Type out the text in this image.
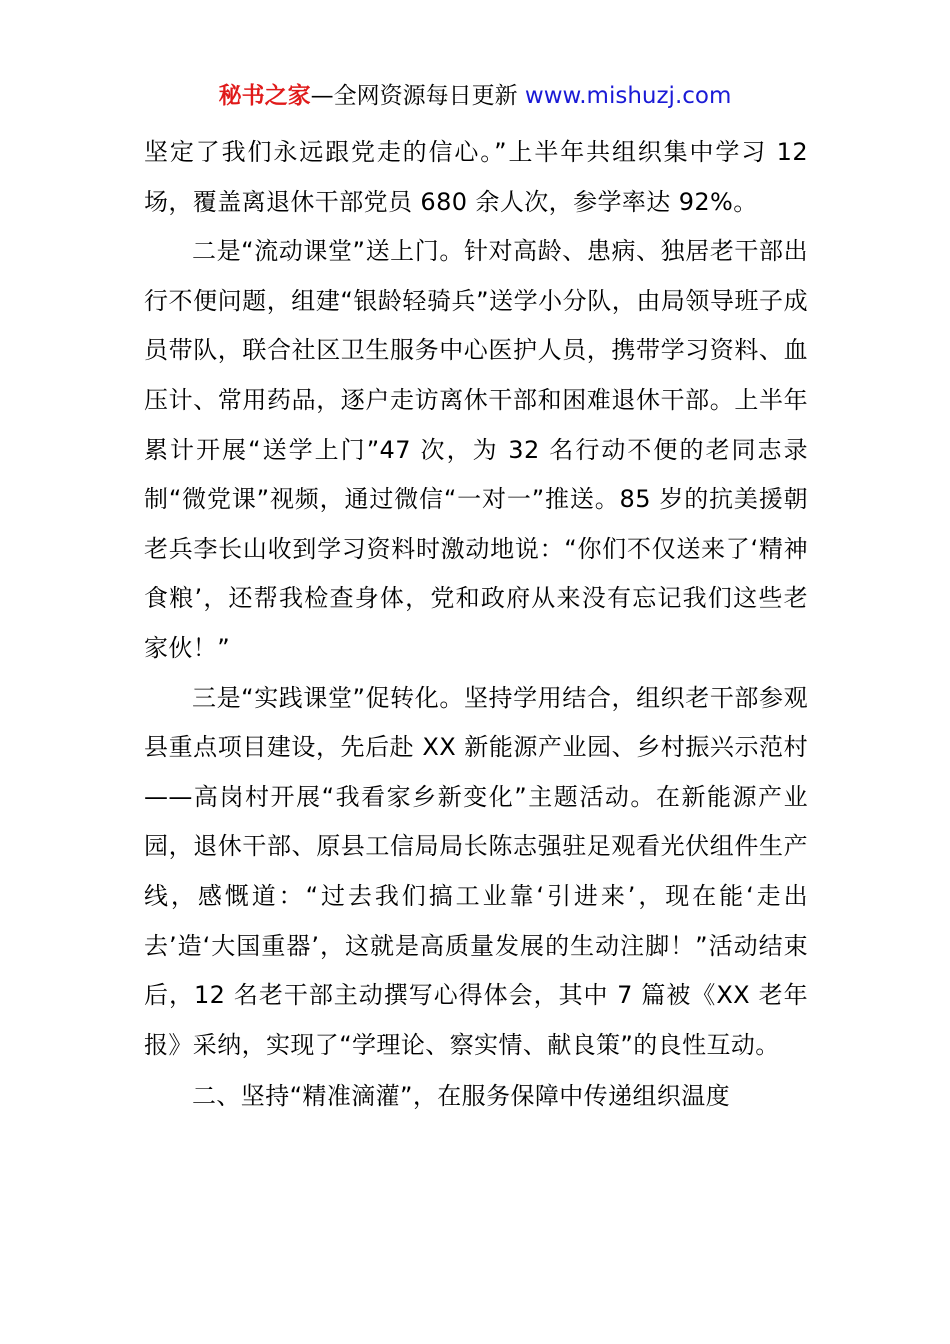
秘书之家—全网资源每日更新 www.mishuzj.com

坚定了我们永远跟党走的信心。”上半年共组织集中学习 12 场，覆盖离退休干部党员 680 余人次，参学率达 92%。

二是“流动课堂”送上门。针对高龄、患病、独居老干部出行不便问题，组建“银龄轻骑兵”送学小分队，由局领导班子成员带队，联合社区卫生服务中心医护人员，携带学习资料、血压计、常用药品，逐户走访离休干部和困难退休干部。上半年累计开展“送学上门”47 次，为 32 名行动不便的老同志录制“微党课”视频，通过微信“一对一”推送。85 岁的抗美援朝老兵李长山收到学习资料时激动地说：“你们不仅送来了‘精神食粮’，还帮我检查身体，党和政府从来没有忘记我们这些老家伙！”

三是“实践课堂”促转化。坚持学用结合，组织老干部参观县重点项目建设，先后赴 XX 新能源产业园、乡村振兴示范村——高岗村开展“我看家乡新变化”主题活动。在新能源产业园，退休干部、原县工信局局长陈志强驻足观看光伏组件生产线，感慨道：“过去我们搞工业靠‘引进来’，现在能‘走出去’造‘大国重器’，这就是高质量发展的生动注脚！”活动结束后，12 名老干部主动撰写心得体会，其中 7 篇被《XX 老年报》采纳，实现了“学理论、察实情、献良策”的良性互动。

二、坚持“精准滴灌”，在服务保障中传递组织温度
